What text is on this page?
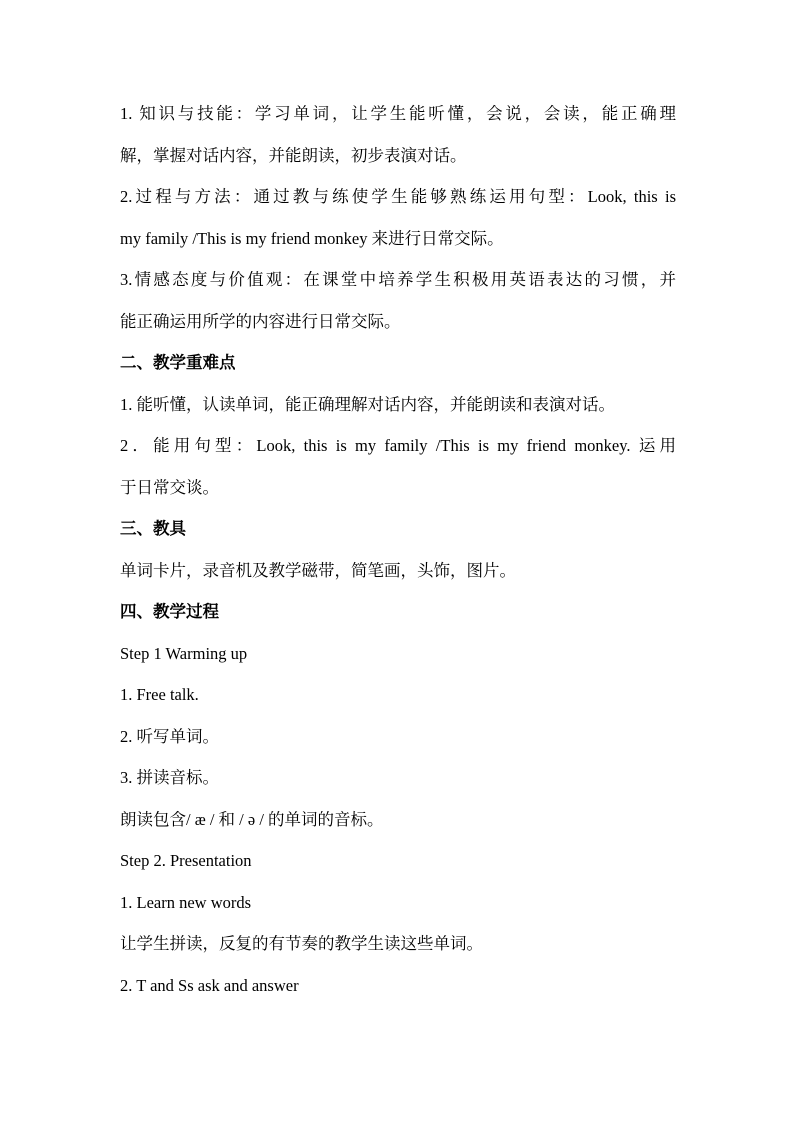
1. 知识与技能：学习单词，让学生能听懂，会说，会读，能正确理
解，掌握对话内容，并能朗读，初步表演对话。
2.过程与方法：通过教与练使学生能够熟练运用句型：Look, this is
my family /This is my friend monkey 来进行日常交际。
3.情感态度与价值观：在课堂中培养学生积极用英语表达的习惯，并
能正确运用所学的内容进行日常交际。
二、教学重难点
1. 能听懂，认读单词，能正确理解对话内容，并能朗读和表演对话。
2．能用句型：Look, this is my family /This is my friend monkey. 运用
于日常交谈。
三、教具
单词卡片，录音机及教学磁带，简笔画，头饰，图片。
四、教学过程
Step 1 Warming up
1. Free talk.
2. 听写单词。
3. 拼读音标。
朗读包含/ æ / 和 / ə / 的单词的音标。
Step 2. Presentation
1. Learn new words
让学生拼读，反复的有节奏的教学生读这些单词。
2. T and Ss ask and answer
